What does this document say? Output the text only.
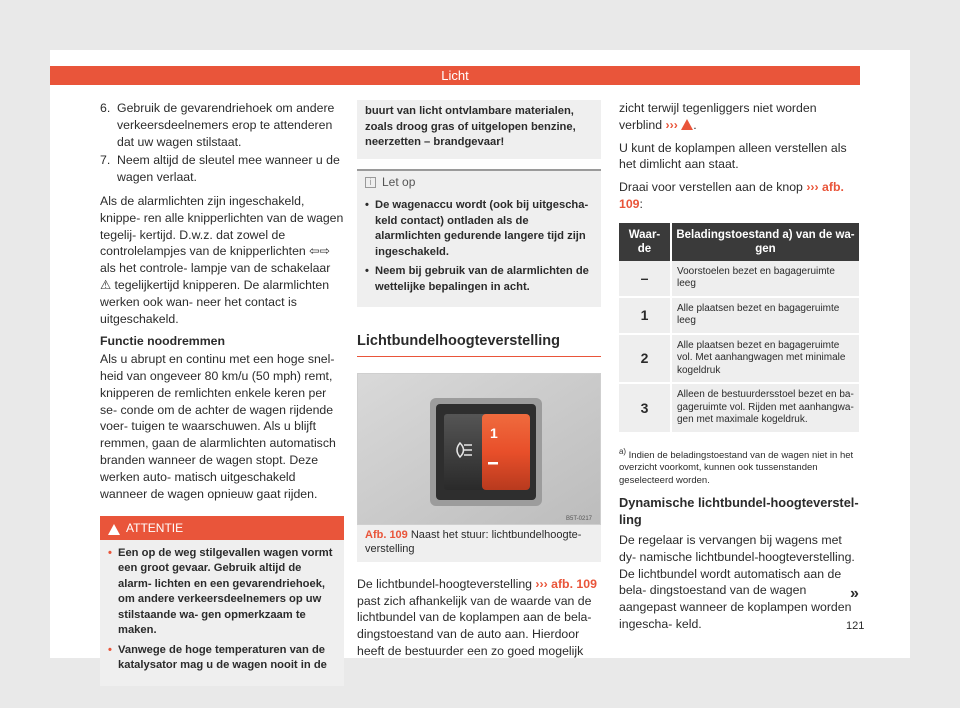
Licht
6. Gebruik de gevarendriehoek om andere verkeersdeelnemers erop te attenderen dat uw wagen stilstaat.
7. Neem altijd de sleutel mee wanneer u de wagen verlaat.

Als de alarmlichten zijn ingeschakeld, knippe- ren alle knipperlichten van de wagen tegelij- kertijd. D.w.z. dat zowel de controlelampjes van de knipperlichten ⇦⇨ als het controle- lampje van de schakelaar ⚠ tegelijkertijd knipperen. De alarmlichten werken ook wan- neer het contact is uitgeschakeld.

Functie noodremmen

Als u abrupt en continu met een hoge snel- heid van ongeveer 80 km/u (50 mph) remt, knipperen de remlichten enkele keren per se- conde om de achter de wagen rijdende voer- tuigen te waarschuwen. Als u blijft remmen, gaan de alarmlichten automatisch branden wanneer de wagen stopt. Deze werken auto- matisch uitgeschakeld wanneer de wagen opnieuw gaat rijden.

ATTENTIE
• Een op de weg stilgevallen wagen vormt een groot gevaar. Gebruik altijd de alarm- lichten en een gevarendriehoek, om andere verkeersdeelnemers op uw stilstaande wa- gen opmerkzaam te maken.
• Vanwege de hoge temperaturen van de katalysator mag u de wagen nooit in de
buurt van licht ontvlambare materialen, zoals droog gras of uitgelopen benzine, neerzetten – brandgevaar!
i Let op
• De wagenaccu wordt (ook bij uitgescha- keld contact) ontladen als de alarmlichten gedurende langere tijd zijn ingeschakeld.
• Neem bij gebruik van de alarmlichten de wettelijke bepalingen in acht.
Lichtbundelhoogteverstelling
1
B5T-0217
Afb. 109 Naast het stuur: lichtbundelhoogte- verstelling

De lichtbundel-hoogteverstelling ››› afb. 109 past zich afhankelijk van de waarde van de lichtbundel van de koplampen aan de bela- dingstoestand van de auto aan. Hierdoor heeft de bestuurder een zo goed mogelijk

zicht terwijl tegenliggers niet worden verblind ››› .

U kunt de koplampen alleen verstellen als het dimlicht aan staat.

Draai voor verstellen aan de knop ››› afb. 109:

Waar- de	Beladingstoestand a) van de wa- gen
–	Voorstoelen bezet en bagageruimte leeg
1	Alle plaatsen bezet en bagageruimte leeg
2	Alle plaatsen bezet en bagageruimte vol. Met aanhangwagen met minimale kogeldruk
3	Alleen de bestuurdersstoel bezet en ba- gageruimte vol. Rijden met aanhangwa- gen met maximale kogeldruk.
$^{a)}$ Indien de beladingstoestand van de wagen niet in het overzicht voorkomt, kunnen ook tussenstanden geselecteerd worden.
Dynamische lichtbundel-hoogteverstel- ling

De regelaar is vervangen bij wagens met dy- namische lichtbundel-hoogteverstelling. De lichtbundel wordt automatisch aan de bela- dingstoestand van de wagen aangepast wanneer de koplampen worden ingescha- keld.

»
121
